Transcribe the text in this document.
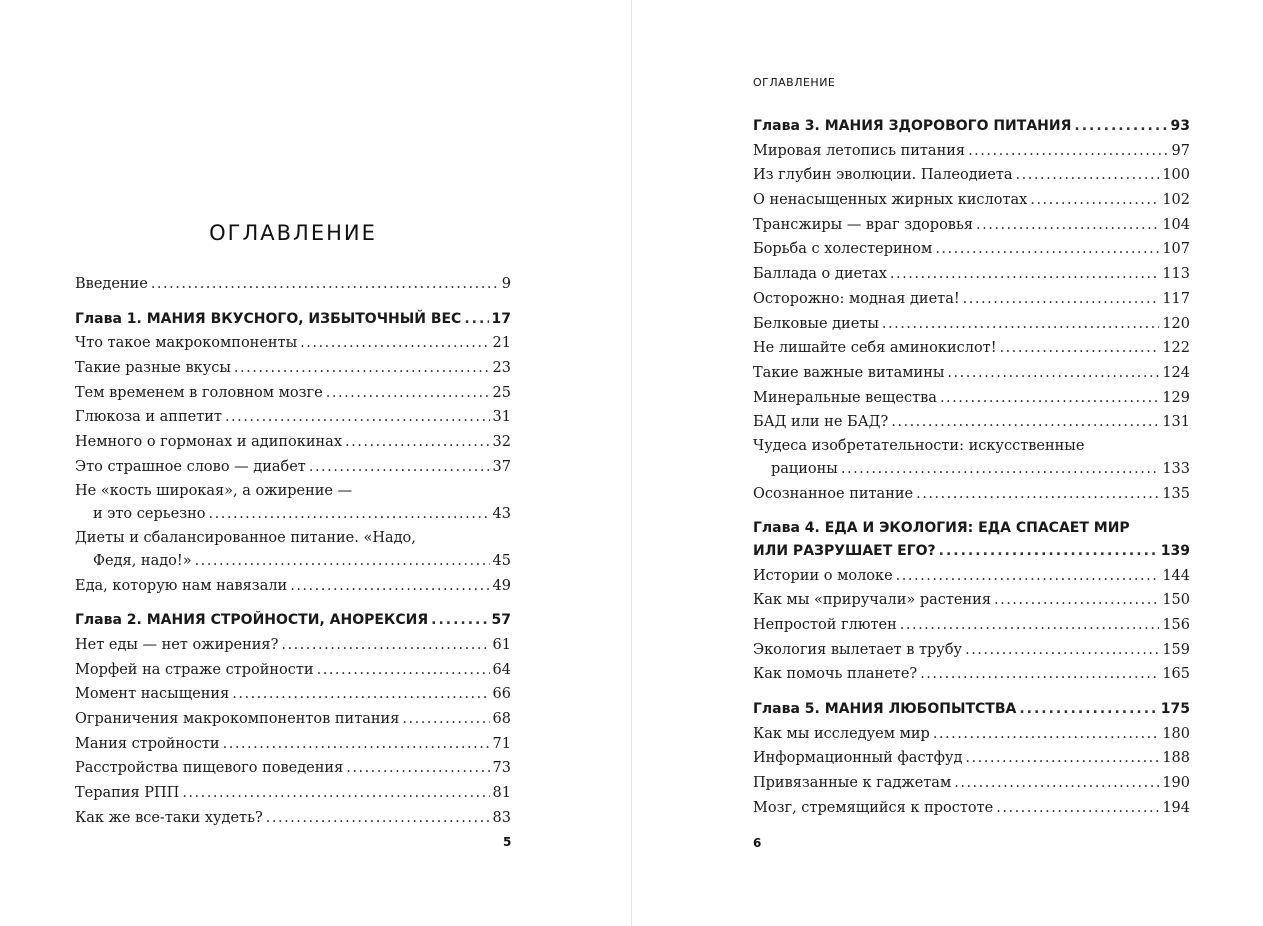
ОГЛАВЛЕНИЕ
Введение .....	9
Глава 1. МАНИЯ ВКУСНОГО, ИЗБЫТОЧНЫЙ ВЕС ..... 17
Что такое макрокомпоненты .....	21
Такие разные вкусы .....	23
Тем временем в головном мозге .....	25
Глюкоза и аппетит .....	31
Немного о гормонах и адипокинах .....	32
Это страшное слово — диабет .....	37
Не «кость широкая», а ожирение —
и это серьезно .....	43
Диеты и сбалансированное питание. «Надо,
Федя, надо!» .....	45
Еда, которую нам навязали .....	49
Глава 2. МАНИЯ СТРОЙНОСТИ, АНОРЕКСИЯ .....	57
Нет еды — нет ожирения? .....	61
Морфей на страже стройности .....	64
Момент насыщения .....	66
Ограничения макрокомпонентов питания .....	68
Мания стройности .....	71
Расстройства пищевого поведения .....	73
Терапия РПП .....	81
Как же все-таки худеть? .....	83
5
ОГЛАВЛЕНИЕ
Глава 3. МАНИЯ ЗДОРОВОГО ПИТАНИЯ .....	93
Мировая летопись питания .....	97
Из глубин эволюции. Палеодиета .....	100
О ненасыщенных жирных кислотах .....	102
Трансжиры — враг здоровья .....	104
Борьба с холестерином .....	107
Баллада о диетах .....	113
Осторожно: модная диета! .....	117
Белковые диеты .....	120
Не лишайте себя аминокислот! .....	122
Такие важные витамины .....	124
Минеральные вещества .....	129
БАД или не БАД? .....	131
Чудеса изобретательности: искусственные
рационы .....	133
Осознанное питание .....	135
Глава 4. ЕДА И ЭКОЛОГИЯ: ЕДА СПАСАЕТ МИР
ИЛИ РАЗРУШАЕТ ЕГО? .....	139
Истории о молоке .....	144
Как мы «приручали» растения .....	150
Непростой глютен .....	156
Экология вылетает в трубу .....	159
Как помочь планете? .....	165
Глава 5. МАНИЯ ЛЮБОПЫТСТВА .....	175
Как мы исследуем мир .....	180
Информационный фастфуд .....	188
Привязанные к гаджетам .....	190
Мозг, стремящийся к простоте .....	194
6
